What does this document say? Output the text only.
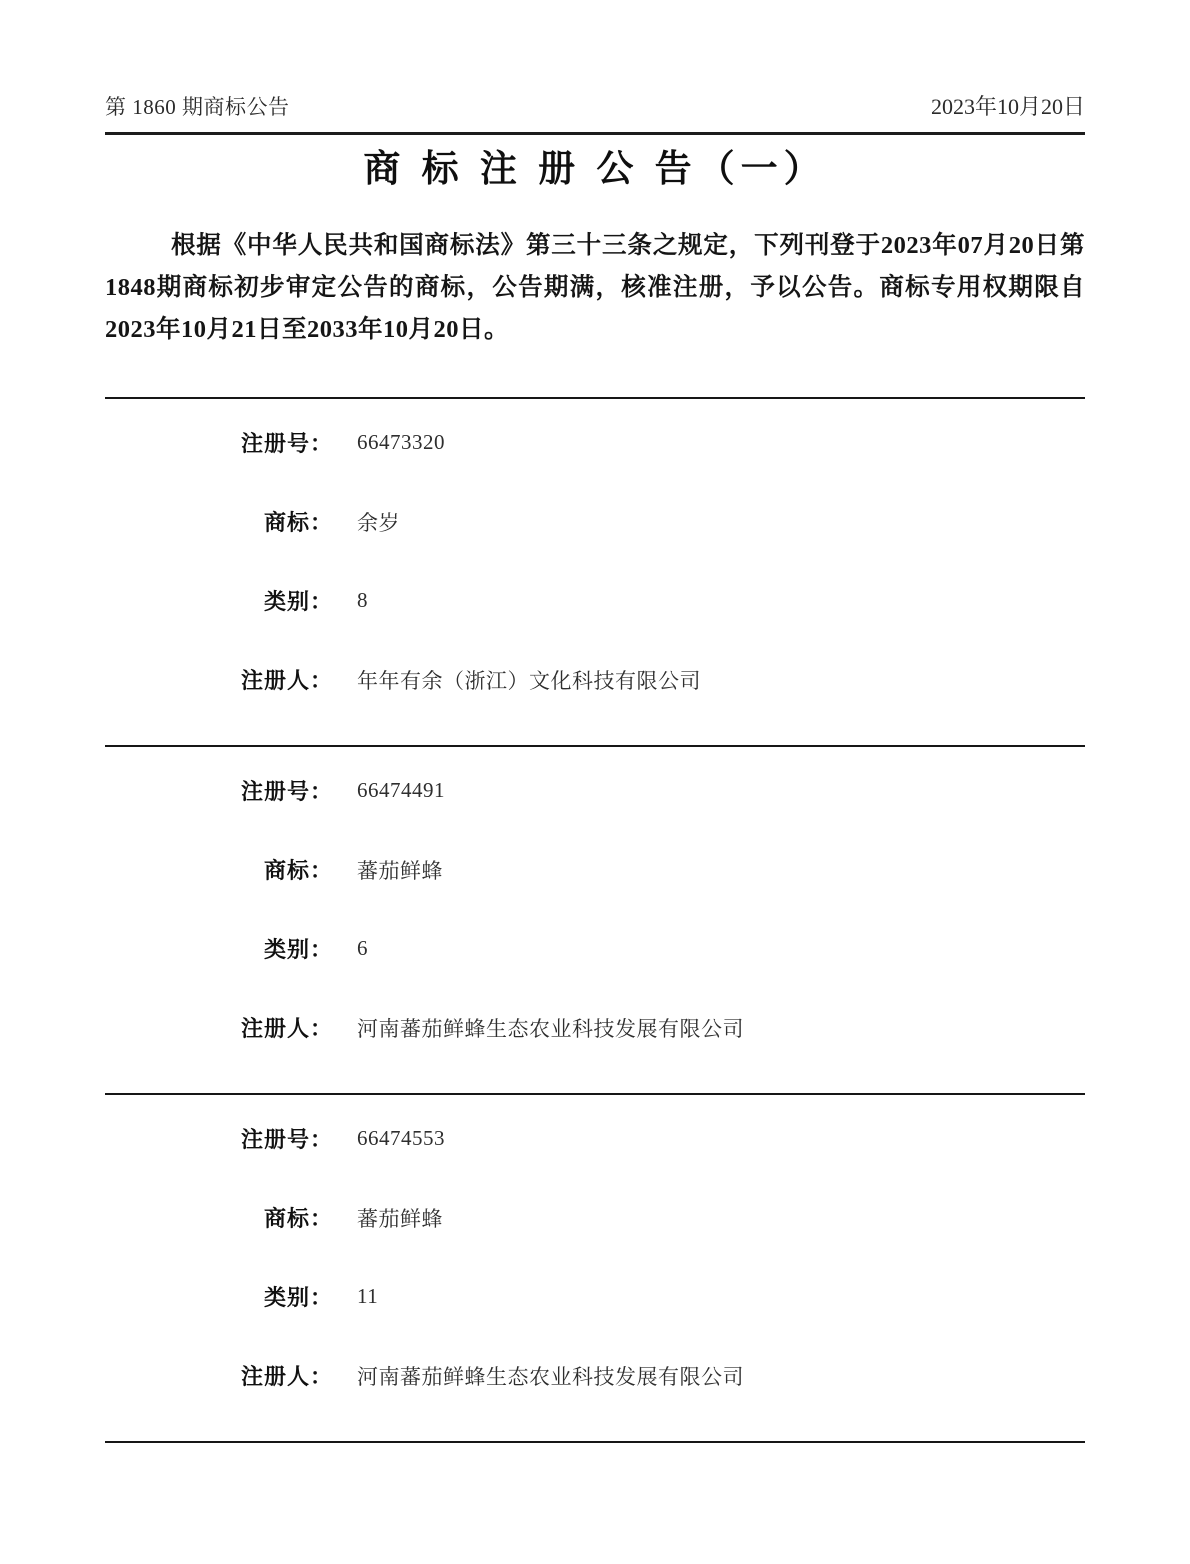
第 1860 期商标公告	2023年10月20日
商 标 注 册 公 告（一）

根据《中华人民共和国商标法》第三十三条之规定，下列刊登于2023年07月20日第1848期商标初步审定公告的商标，公告期满，核准注册，予以公告。商标专用权期限自2023年10月21日至2033年10月20日。

注册号：	66473320
商标：	余岁
类别：	8
注册人：	年年有余（浙江）文化科技有限公司
注册号：	66474491
商标：	蕃茄鲜蜂
类别：	6
注册人：	河南蕃茄鲜蜂生态农业科技发展有限公司
注册号：	66474553
商标：	蕃茄鲜蜂
类别：	11
注册人：	河南蕃茄鲜蜂生态农业科技发展有限公司
